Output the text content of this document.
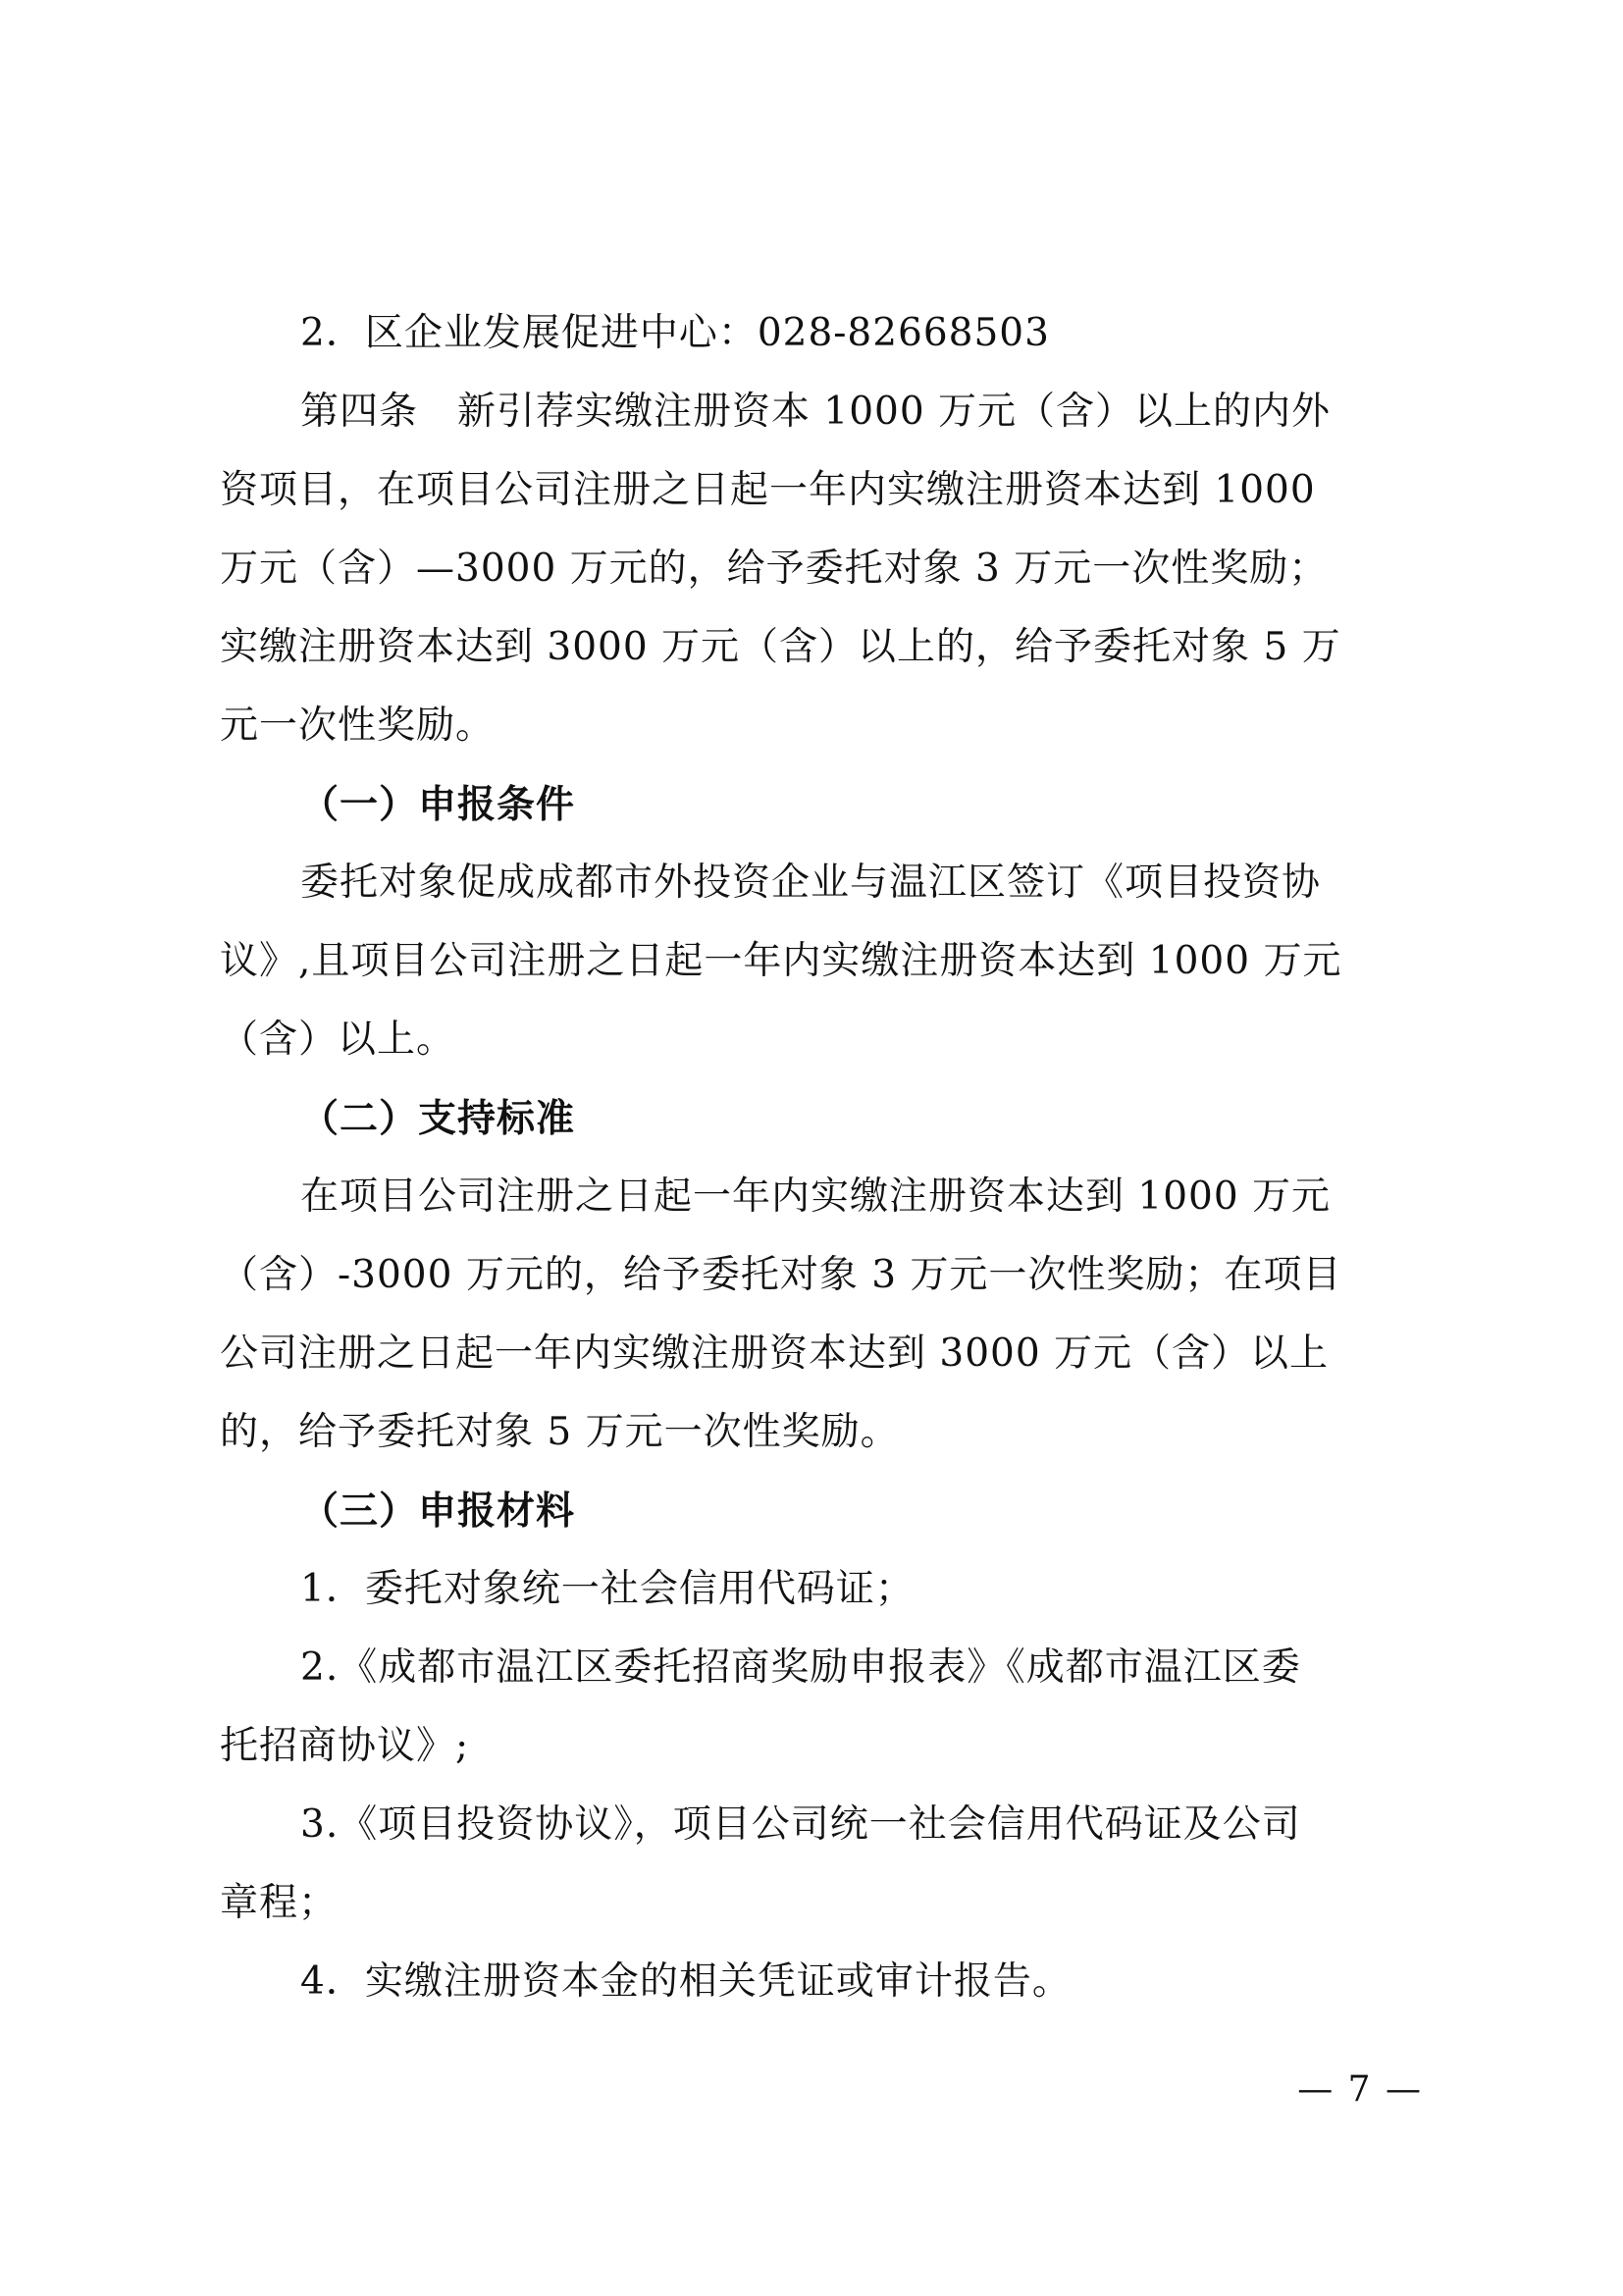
2．区企业发展促进中心：028-82668503
第四条　新引荐实缴注册资本 1000 万元（含）以上的内外
资项目，在项目公司注册之日起一年内实缴注册资本达到 1000
万元（含）—3000 万元的，给予委托对象 3 万元一次性奖励；
实缴注册资本达到 3000 万元（含）以上的，给予委托对象 5 万
元一次性奖励。
（一）申报条件
委托对象促成成都市外投资企业与温江区签订《项目投资协
议》,且项目公司注册之日起一年内实缴注册资本达到 1000 万元
（含）以上。
（二）支持标准
在项目公司注册之日起一年内实缴注册资本达到 1000 万元
（含）-3000 万元的，给予委托对象 3 万元一次性奖励；在项目
公司注册之日起一年内实缴注册资本达到 3000 万元（含）以上
的，给予委托对象 5 万元一次性奖励。
（三）申报材料
1．委托对象统一社会信用代码证；
2.《成都市温江区委托招商奖励申报表》《成都市温江区委
托招商协议》;
3.《项目投资协议》，项目公司统一社会信用代码证及公司
章程；
4．实缴注册资本金的相关凭证或审计报告。
— 7 —
